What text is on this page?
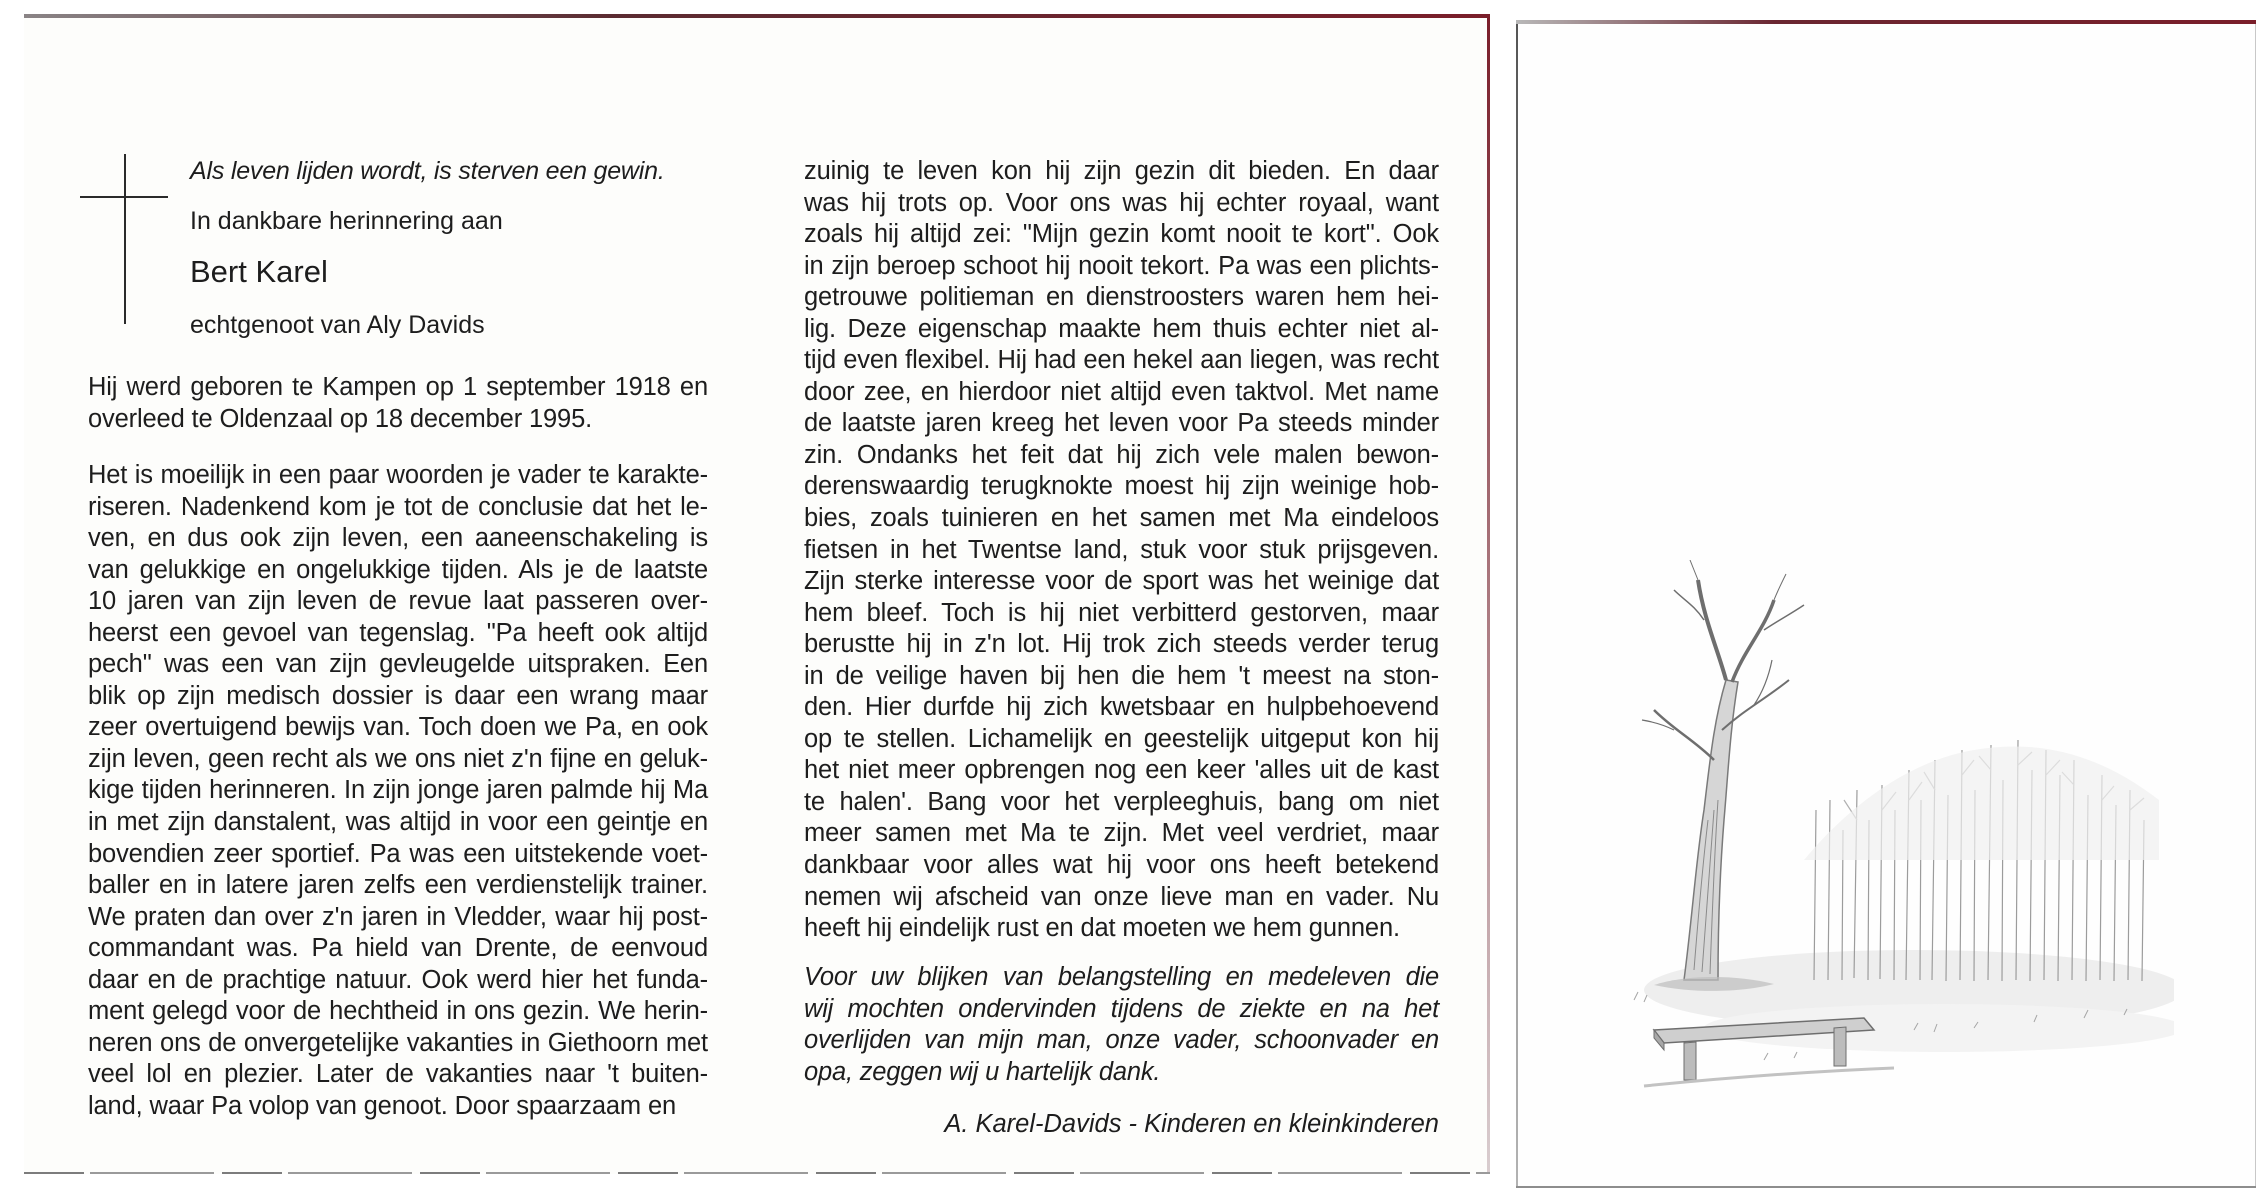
Als leven lijden wordt, is sterven een gewin.

In dankbare herinnering aan

Bert Karel

echtgenoot van Aly Davids

Hij werd geboren te Kampen op 1 september 1918 en
overleed te Oldenzaal op 18 december 1995.

Het is moeilijk in een paar woorden je vader te karakte-
riseren. Nadenkend kom je tot de conclusie dat het le-
ven, en dus ook zijn leven, een aaneenschakeling is
van gelukkige en ongelukkige tijden. Als je de laatste
10 jaren van zijn leven de revue laat passeren over-
heerst een gevoel van tegenslag. "Pa heeft ook altijd
pech" was een van zijn gevleugelde uitspraken. Een
blik op zijn medisch dossier is daar een wrang maar
zeer overtuigend bewijs van. Toch doen we Pa, en ook
zijn leven, geen recht als we ons niet z'n fijne en geluk-
kige tijden herinneren. In zijn jonge jaren palmde hij Ma
in met zijn danstalent, was altijd in voor een geintje en
bovendien zeer sportief. Pa was een uitstekende voet-
baller en in latere jaren zelfs een verdienstelijk trainer.
We praten dan over z'n jaren in Vledder, waar hij post-
commandant was. Pa hield van Drente, de eenvoud
daar en de prachtige natuur. Ook werd hier het funda-
ment gelegd voor de hechtheid in ons gezin. We herin-
neren ons de onvergetelijke vakanties in Giethoorn met
veel lol en plezier. Later de vakanties naar 't buiten-
land, waar Pa volop van genoot. Door spaarzaam en
zuinig te leven kon hij zijn gezin dit bieden. En daar
was hij trots op. Voor ons was hij echter royaal, want
zoals hij altijd zei: "Mijn gezin komt nooit te kort". Ook
in zijn beroep schoot hij nooit tekort. Pa was een plichts-
getrouwe politieman en dienstroosters waren hem hei-
lig. Deze eigenschap maakte hem thuis echter niet al-
tijd even flexibel. Hij had een hekel aan liegen, was recht
door zee, en hierdoor niet altijd even taktvol. Met name
de laatste jaren kreeg het leven voor Pa steeds minder
zin. Ondanks het feit dat hij zich vele malen bewon-
derenswaardig terugknokte moest hij zijn weinige hob-
bies, zoals tuinieren en het samen met Ma eindeloos
fietsen in het Twentse land, stuk voor stuk prijsgeven.
Zijn sterke interesse voor de sport was het weinige dat
hem bleef. Toch is hij niet verbitterd gestorven, maar
berustte hij in z'n lot. Hij trok zich steeds verder terug
in de veilige haven bij hen die hem 't meest na ston-
den. Hier durfde hij zich kwetsbaar en hulpbehoevend
op te stellen. Lichamelijk en geestelijk uitgeput kon hij
het niet meer opbrengen nog een keer 'alles uit de kast
te halen'. Bang voor het verpleeghuis, bang om niet
meer samen met Ma te zijn. Met veel verdriet, maar
dankbaar voor alles wat hij voor ons heeft betekend
nemen wij afscheid van onze lieve man en vader. Nu
heeft hij eindelijk rust en dat moeten we hem gunnen.
Voor uw blijken van belangstelling en medeleven die
wij mochten ondervinden tijdens de ziekte en na het
overlijden van mijn man, onze vader, schoonvader en
opa, zeggen wij u hartelijk dank.
A. Karel-Davids - Kinderen en kleinkinderen
